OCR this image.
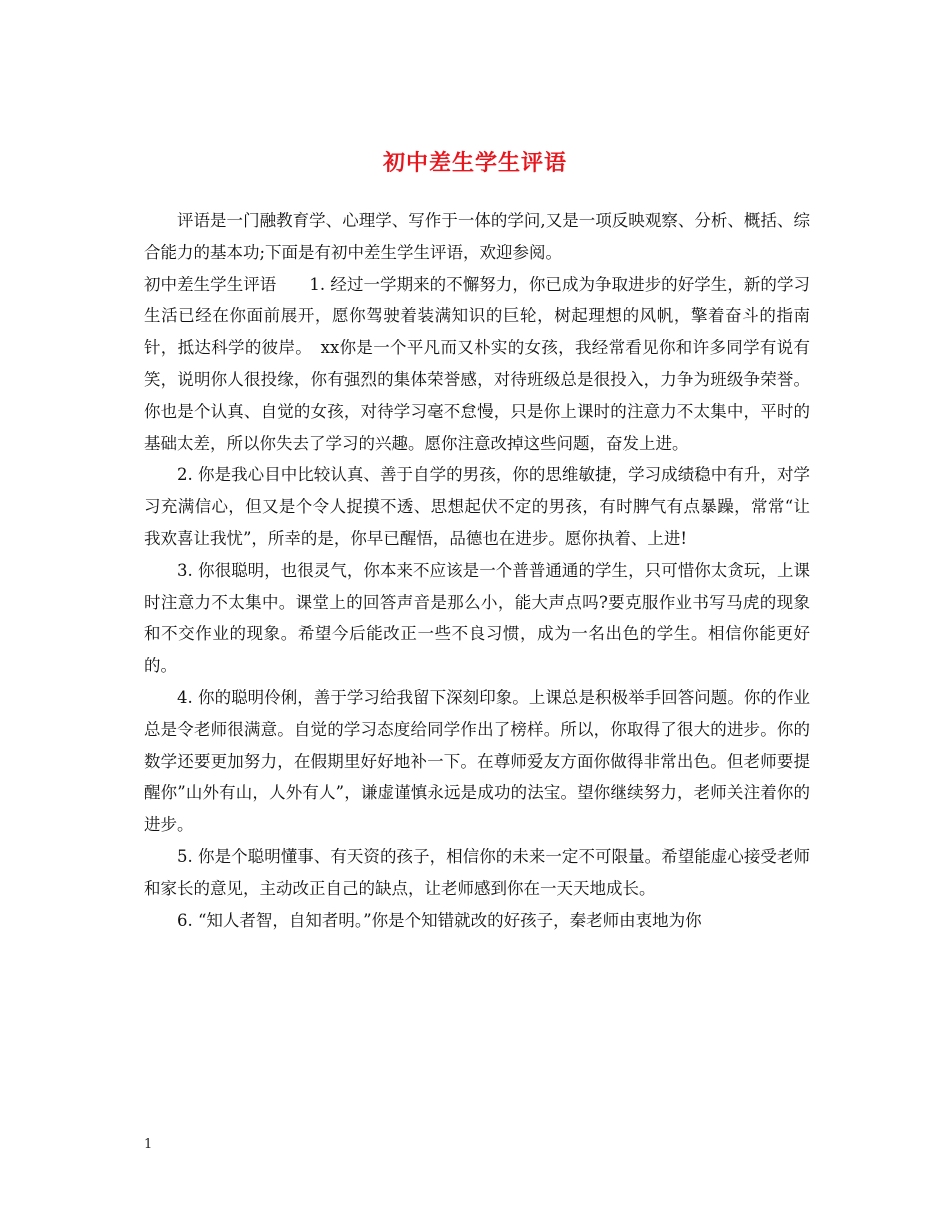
初中差生学生评语

评语是一门融教育学、心理学、写作于一体的学问,又是一项反映观察、分析、概括、综合能力的基本功;下面是有初中差生学生评语，欢迎参阅。

初中差生学生评语　　1. 经过一学期来的不懈努力，你已成为争取进步的好学生，新的学习生活已经在你面前展开，愿你驾驶着装满知识的巨轮，树起理想的风帆，擎着奋斗的指南针，抵达科学的彼岸。　xx你是一个平凡而又朴实的女孩，我经常看见你和许多同学有说有笑，说明你人很投缘，你有强烈的集体荣誉感，对待班级总是很投入，力争为班级争荣誉。你也是个认真、自觉的女孩，对待学习毫不怠慢，只是你上课时的注意力不太集中，平时的基础太差，所以你失去了学习的兴趣。愿你注意改掉这些问题，奋发上进。

2. 你是我心目中比较认真、善于自学的男孩，你的思维敏捷，学习成绩稳中有升，对学习充满信心，但又是个令人捉摸不透、思想起伏不定的男孩，有时脾气有点暴躁，常常“让我欢喜让我忧”，所幸的是，你早已醒悟，品德也在进步。愿你执着、上进!

3. 你很聪明，也很灵气，你本来不应该是一个普普通通的学生，只可惜你太贪玩，上课时注意力不太集中。课堂上的回答声音是那么小，能大声点吗?要克服作业书写马虎的现象和不交作业的现象。希望今后能改正一些不良习惯，成为一名出色的学生。相信你能更好的。

4. 你的聪明伶俐，善于学习给我留下深刻印象。上课总是积极举手回答问题。你的作业总是令老师很满意。自觉的学习态度给同学作出了榜样。所以，你取得了很大的进步。你的数学还要更加努力，在假期里好好地补一下。在尊师爱友方面你做得非常出色。但老师要提醒你”山外有山，人外有人”，谦虚谨慎永远是成功的法宝。望你继续努力，老师关注着你的进步。

5. 你是个聪明懂事、有天资的孩子，相信你的未来一定不可限量。希望能虚心接受老师和家长的意见，主动改正自己的缺点，让老师感到你在一天天地成长。

6. “知人者智，自知者明。”你是个知错就改的好孩子，秦老师由衷地为你

1
